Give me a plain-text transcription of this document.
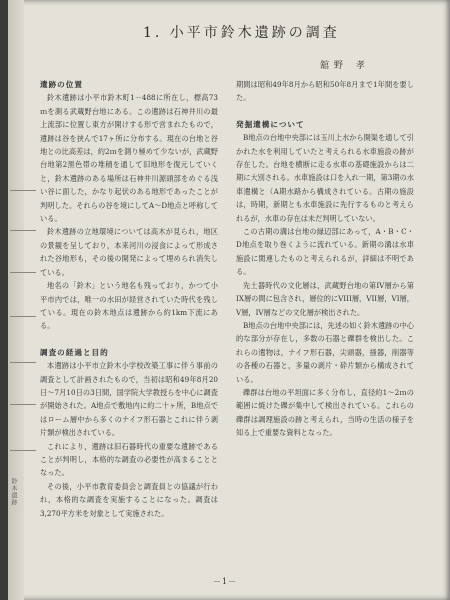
1. 小平市鈴木遺跡の調査
舘野 孝
遺跡の位置

鈴木遺跡は小平市鈴木町1－488に所在し，標高73ｍを測る武蔵野台地にある。この遺跡は石神井川の最上流部に位置し東方が開けする形で営まれたもので，遺跡は谷を挟んで17ヶ所に分布する。現在の台地と谷地との比高差は，約2ｍを測り極めて少ないが，武蔵野台地第2黒色帯の堆積を通して旧地形を復元していくと，鈴木遺跡のある場所は石神井川源頭部をめぐる浅い谷に面した，かなり起伏のある地形であったことが判明した。それらの谷を境にしてA～D地点と呼称している。

鈴木遺跡の立地環境については高木が見られ，地区の景観を呈しており，本来河川の浸食によって形成された谷地形も，その後の開発によって埋められ消失している。

地名の「鈴木」という地名も残っており，かつて小平市内では，唯一の水田が経営されていた時代を残している。現在の鈴木地点は遺跡から約1km下流にある。

調査の経過と目的

本遺跡は小平市立鈴木小学校改築工事に伴う事前の調査として計画されたもので，当初は昭和49年8月20日～7月10日の3日間，国学院大学教授らを中心に調査が開始された。A地点で敷地内に約二十ヶ所，B地点ではローム層中から多くのナイフ形石器とこれに伴う剥片類が検出されている。

これにより，遺跡は旧石器時代の重要な遺跡であることが判明し，本格的な調査の必要性が高まることとなった。

その後，小平市教育委員会と調査員との協議が行われ，本格的な調査を実施することになった。調査は3,270平方米を対象として実施された。

期間は昭和49年8月から昭和50年8月まで1年間を要した。

発掘遺構について

B地点の台地中央部には玉川上水から開渠を通して引かれた水を利用していたと考えられる水車施設の跡が存在した。台地を横断に走る水車の基礎施設からは二期に大別される。水車施設は口を入れ一期，第3期の水車遺構と（A期水路から構成されている。古期の施設は，時期，新期とも水車施設に先行するものと考えられるが，水車の存在は未だ判明していない。

この古期の溝は台地の縁辺部にあって，A・B・C・D地点を取り巻くように流れている。新期の溝は水車施設に関連したものと考えられるが，詳細は不明である。

先土器時代の文化層は，武蔵野台地の第IV層から第IX層の間に包含され，層位的にVIII層，VII層，VI層，V層，IV層などの文化層が検出された。

B地点の台地中央部には，先述の如く鈴木遺跡の中心的な部分が存在し，多数の石器と礫群を検出した。これらの遺物は，ナイフ形石器，尖頭器，掻器，削器等の各種の石器と，多量の剥片・砕片類から構成されている。

礫群は台地の平坦面に多く分布し，直径約1～2ｍの範囲に焼けた礫が集中して検出されている。これらの礫群は調理施設の跡と考えられ，当時の生活の様子を知る上で重要な資料となった。

－1－
鈴木遺跡
